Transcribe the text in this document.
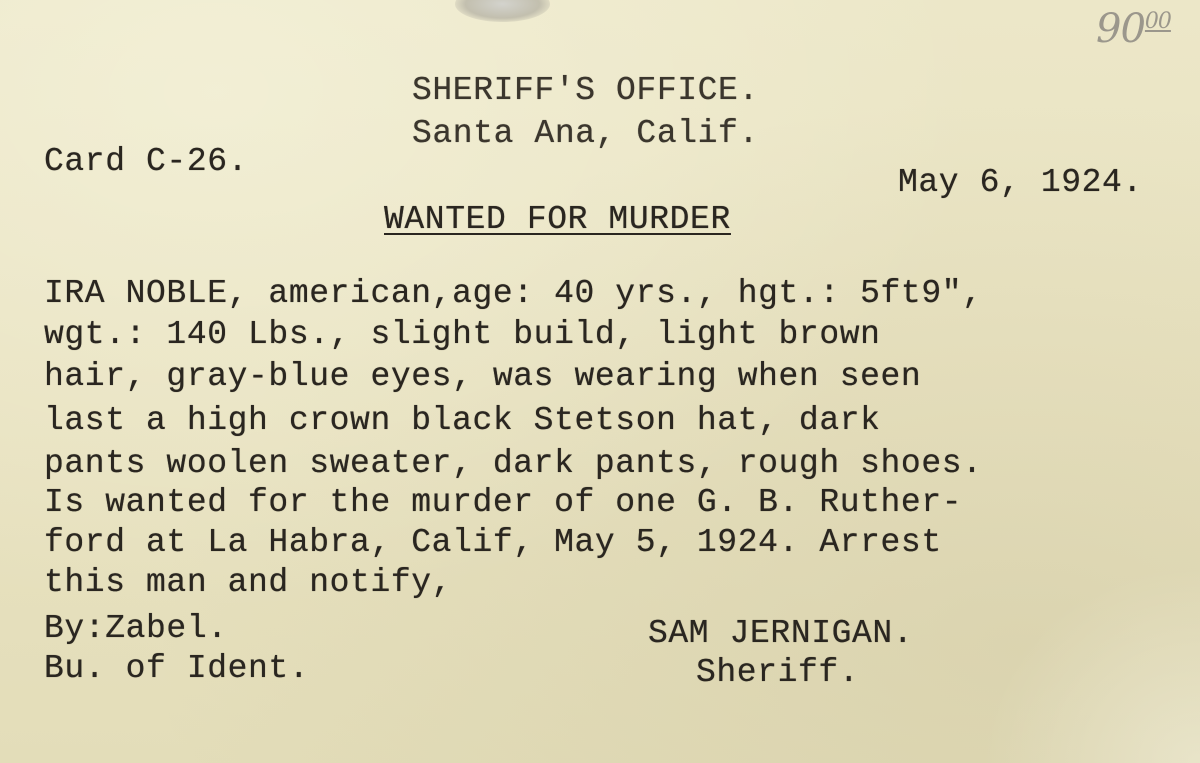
$90^{00}$
SHERIFF'S OFFICE.
Santa Ana, Calif.
Card C-26.
May 6, 1924.
WANTED FOR MURDER
IRA NOBLE, american,age: 40 yrs., hgt.: 5ft9",
wgt.: 140 Lbs., slight build, light brown
hair, gray-blue eyes, was wearing when seen
last a high crown black Stetson hat, dark
pants woolen sweater, dark pants, rough shoes.
Is wanted for the murder of one G. B. Ruther-
ford at La Habra, Calif, May 5, 1924. Arrest
this man and notify,
By:Zabel.
Bu. of Ident.
SAM JERNIGAN.
Sheriff.
